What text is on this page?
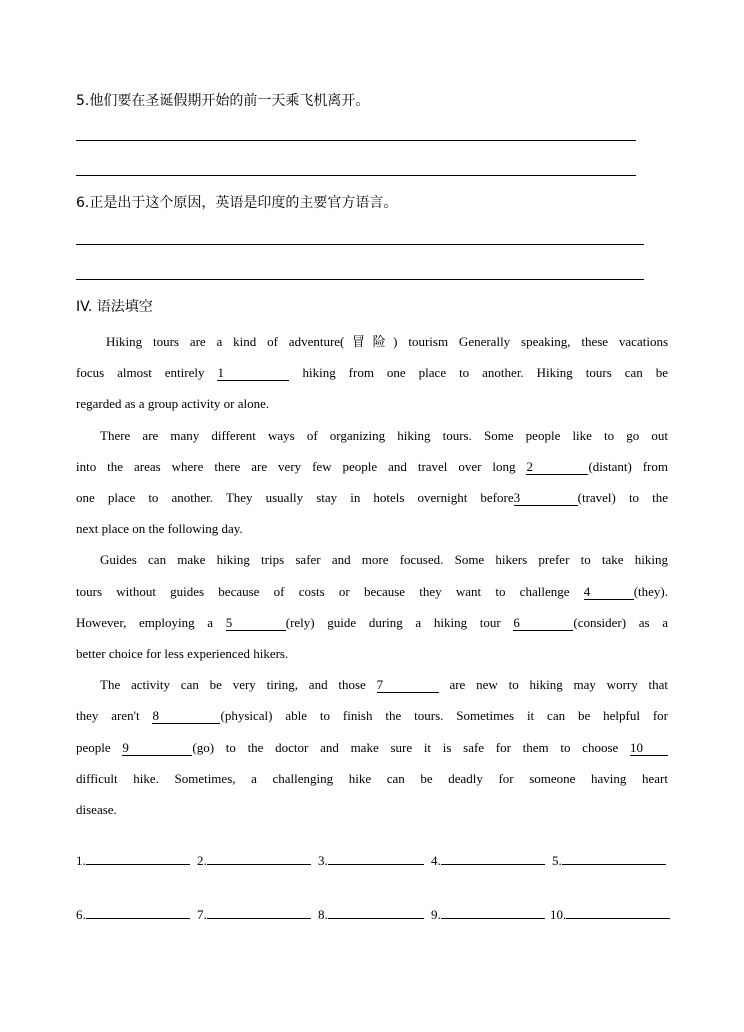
5.他们要在圣诞假期开始的前一天乘飞机离开。
6.正是出于这个原因，英语是印度的主要官方语言。
IV. 语法填空
Hiking tours are a kind of adventure(冒险) tourism Generally speaking, these vacations
focus almost entirely 1	hiking from one place to another. Hiking tours can be
regarded as a group activity or alone.
There are many different ways of organizing hiking tours. Some people like to go out
into the areas where there are very few people and travel over long 2	(distant) from
one place to another. They usually stay in hotels overnight before3	(travel) to the
next place on the following day.
Guides can make hiking trips safer and more focused. Some hikers prefer to take hiking
tours without guides because of costs or because they want to challenge 4	(they).
However, employing a 5	(rely) guide during a hiking tour 6	(consider) as a
better choice for less experienced hikers.
The activity can be very tiring, and those 7	are new to hiking may worry that
they aren't 8	(physical) able to finish the tours. Sometimes it can be helpful for
people 9	(go) to the doctor and make sure it is safe for them to choose 10
difficult hike. Sometimes, a challenging hike can be deadly for someone having heart
disease.
1.	2.	3.	4.	5.
6.	7.	8.	9.	10.
